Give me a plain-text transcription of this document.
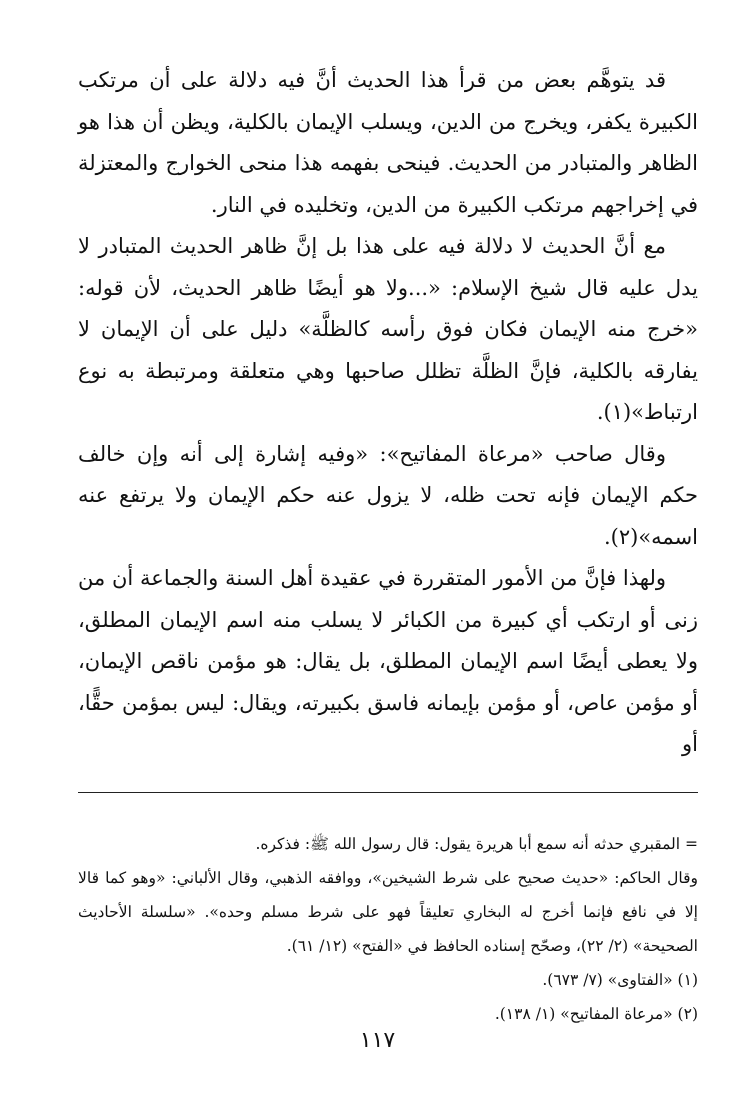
قد يتوهَّم بعض من قرأ هذا الحديث أنَّ فيه دلالة على أن مرتكب الكبيرة يكفر، ويخرج من الدين، ويسلب الإيمان بالكلية، ويظن أن هذا هو الظاهر والمتبادر من الحديث. فينحى بفهمه هذا منحى الخوارج والمعتزلة في إخراجهم مرتكب الكبيرة من الدين، وتخليده في النار.

مع أنَّ الحديث لا دلالة فيه على هذا بل إنَّ ظاهر الحديث المتبادر لا يدل عليه قال شيخ الإسلام: «...ولا هو أيضًا ظاهر الحديث، لأن قوله: «خرج منه الإيمان فكان فوق رأسه كالظلَّة» دليل على أن الإيمان لا يفارقه بالكلية، فإنَّ الظلَّة تظلل صاحبها وهي متعلقة ومرتبطة به نوع ارتباط»(١).

وقال صاحب «مرعاة المفاتيح»: «وفيه إشارة إلى أنه وإن خالف حكم الإيمان فإنه تحت ظله، لا يزول عنه حكم الإيمان ولا يرتفع عنه اسمه»(٢).

ولهذا فإنَّ من الأمور المتقررة في عقيدة أهل السنة والجماعة أن من زنى أو ارتكب أي كبيرة من الكبائر لا يسلب منه اسم الإيمان المطلق، ولا يعطى أيضًا اسم الإيمان المطلق، بل يقال: هو مؤمن ناقص الإيمان، أو مؤمن عاص، أو مؤمن بإيمانه فاسق بكبيرته، ويقال: ليس بمؤمن حقًّا، أو

= المقبري حدثه أنه سمع أبا هريرة يقول: قال رسول الله ﷺ: فذكره.

وقال الحاكم: «حديث صحيح على شرط الشيخين»، ووافقه الذهبي، وقال الألباني: «وهو كما قالا إلا في نافع فإنما أخرج له البخاري تعليقاً فهو على شرط مسلم وحده». «سلسلة الأحاديث الصحيحة» (٢/ ٢٢)، وصحّح إسناده الحافظ في «الفتح» (١٢/ ٦١).

(١) «الفتاوى» (٧/ ٦٧٣).

(٢) «مرعاة المفاتيح» (١/ ١٣٨).

١١٧
